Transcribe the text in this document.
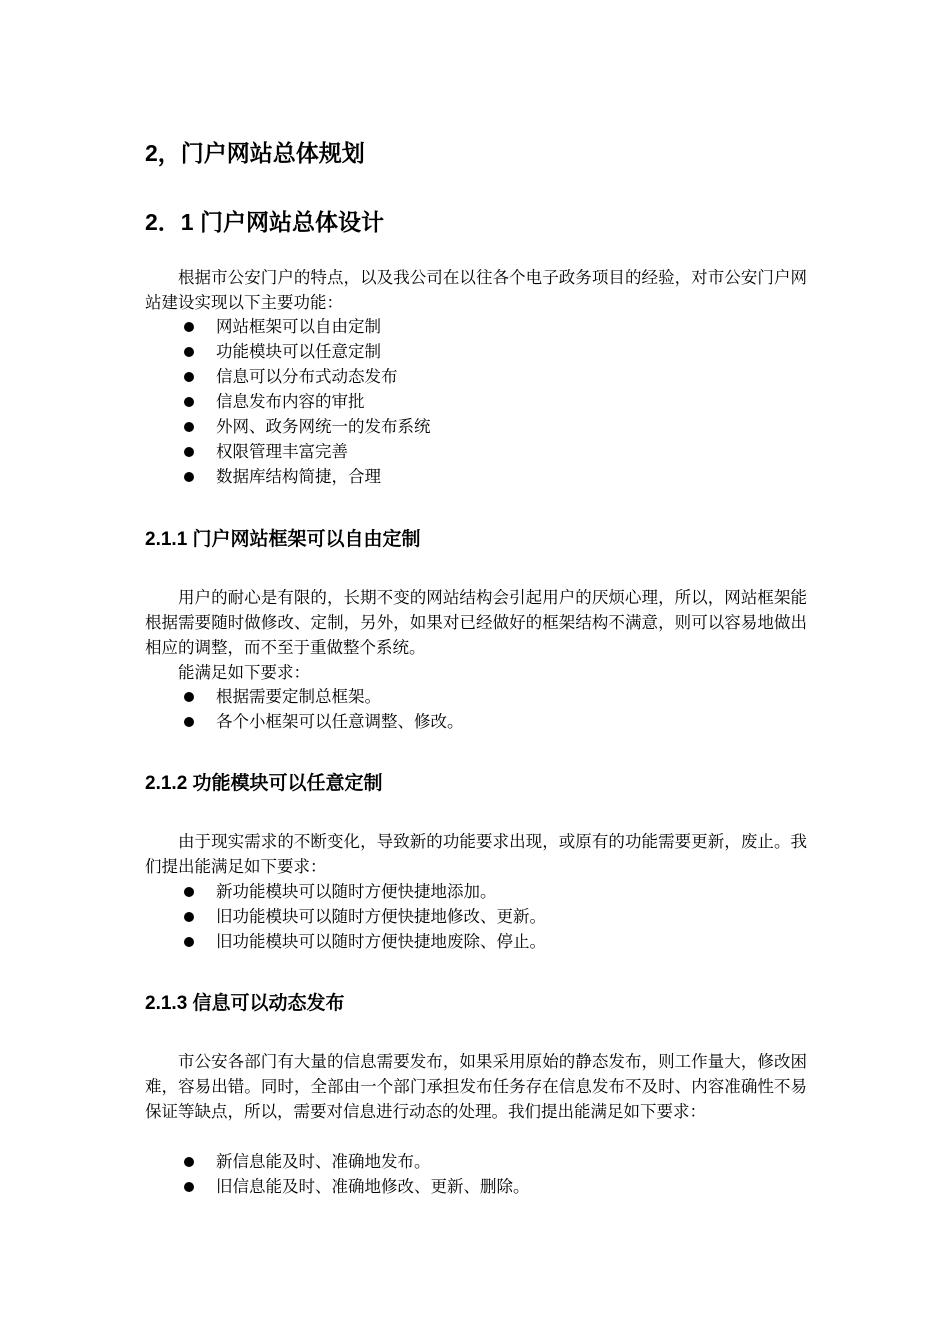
2，门户网站总体规划
2．1 门户网站总体设计
根据市公安门户的特点，以及我公司在以往各个电子政务项目的经验，对市公安门户网站建设实现以下主要功能：
网站框架可以自由定制
功能模块可以任意定制
信息可以分布式动态发布
信息发布内容的审批
外网、政务网统一的发布系统
权限管理丰富完善
数据库结构简捷，合理
2.1.1 门户网站框架可以自由定制
用户的耐心是有限的，长期不变的网站结构会引起用户的厌烦心理，所以，网站框架能根据需要随时做修改、定制，另外，如果对已经做好的框架结构不满意，则可以容易地做出相应的调整，而不至于重做整个系统。
能满足如下要求：
根据需要定制总框架。
各个小框架可以任意调整、修改。
2.1.2 功能模块可以任意定制
由于现实需求的不断变化，导致新的功能要求出现，或原有的功能需要更新，废止。我们提出能满足如下要求：
新功能模块可以随时方便快捷地添加。
旧功能模块可以随时方便快捷地修改、更新。
旧功能模块可以随时方便快捷地废除、停止。
2.1.3 信息可以动态发布
市公安各部门有大量的信息需要发布，如果采用原始的静态发布，则工作量大，修改困难，容易出错。同时，全部由一个部门承担发布任务存在信息发布不及时、内容准确性不易保证等缺点，所以，需要对信息进行动态的处理。我们提出能满足如下要求：
新信息能及时、准确地发布。
旧信息能及时、准确地修改、更新、删除。
